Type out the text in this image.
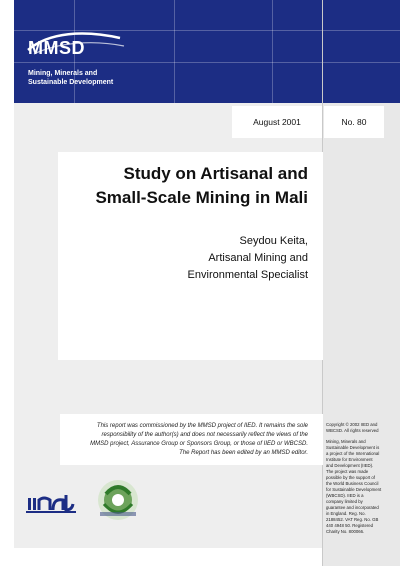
MMSD
Mining, Minerals and
Sustainable Development
August 2001	No. 80
Study on Artisanal and
Small-Scale Mining in Mali
Seydou Keita,
Artisanal Mining and
Environmental Specialist
This report was commissioned by the MMSD project of IIED. It remains the sole
responsibility of the author(s) and does not necessarily reflect the views of the
MMSD project, Assurance Group or Sponsors Group, or those of IIED or WBCSD.
The Report has been edited by an MMSD editor.

Copyright © 2002 IIED and
WBCSD. All rights reserved

Mining, Minerals and
Sustainable Development is
a project of the International
Institute for Environment
and Development (IIED).
The project was made
possible by the support of
the World Business Council
for Sustainable Development
(WBCSD). IIED is a
company limited by
guarantee and incorporated
in England. Reg. No.
2188452. VAT Reg. No. GB
440 4948 50. Registered
Charity No. 800066.
